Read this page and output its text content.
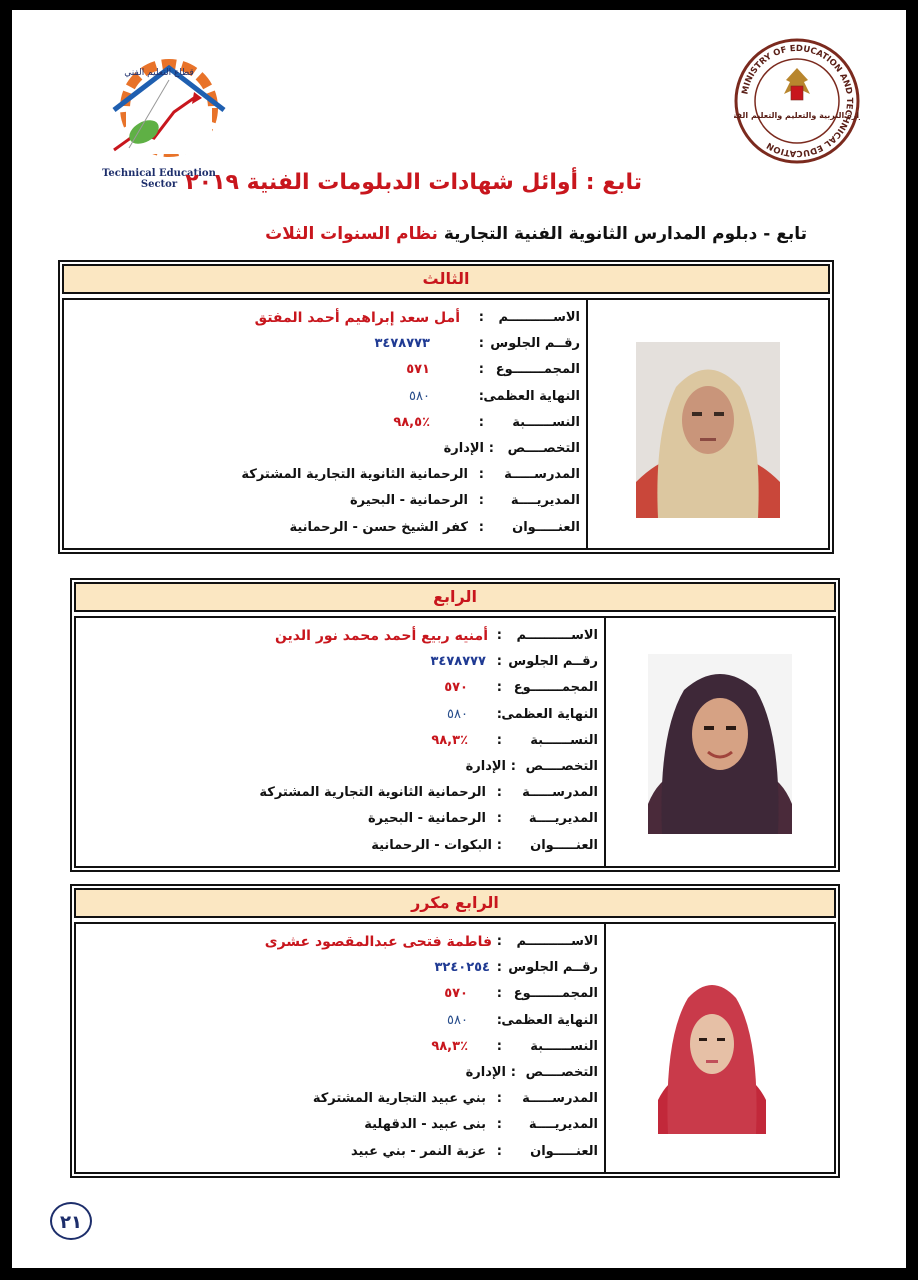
قطاع التعليم الفني
Technical Education Sector
MINISTRY OF EDUCATION AND TECHNICAL EDUCATION
ارة التربية والتعليم والتعليم الف
تابع : أوائل شهادات الدبلومات الفنية ٢٠١٩
تابع - دبلوم المدارس الثانوية الفنية التجارية نظام السنوات الثلاث
الثالث
الاســــــــــم
:
أمل سعد إبراهيم أحمد المفتق
رقــم الجلوس
:
٣٤٧٨٧٧٣
المجمـــــــوع
:
٥٧١
النهاية العظمى
:
٥٨٠
النســــــبة
:
٪٩٨,٥
التخصــــص
:
الإدارة
المدرســـــة
:
الرحمانية الثانوية التجارية المشتركة
المديريــــة
:
الرحمانية - البحيرة
العنـــــوان
:
كفر الشيخ حسن - الرحمانية
الرابع
الاســــــــــم
:
أمنيه ربيع أحمد محمد نور الدين
رقــم الجلوس
:
٣٤٧٨٧٧٧
المجمـــــــوع
:
٥٧٠
النهاية العظمى
:
٥٨٠
النســــــبة
:
٪٩٨,٣
التخصــــص
:
الإدارة
المدرســـــة
:
الرحمانية الثانوية التجارية المشتركة
المديريــــة
:
الرحمانية - البحيرة
العنـــــوان
:
البكوات - الرحمانية
الرابع مكرر
الاســــــــــم
:
فاطمة فتحى عبدالمقصود عشرى
رقــم الجلوس
:
٣٢٤٠٢٥٤
المجمـــــــوع
:
٥٧٠
النهاية العظمى
:
٥٨٠
النســــــبة
:
٪٩٨,٣
التخصــــص
:
الإدارة
المدرســـــة
:
بني عبيد التجارية المشتركة
المديريــــة
:
بنى عبيد - الدقهلية
العنـــــوان
:
عزبة النمر - بني عبيد
٢١
